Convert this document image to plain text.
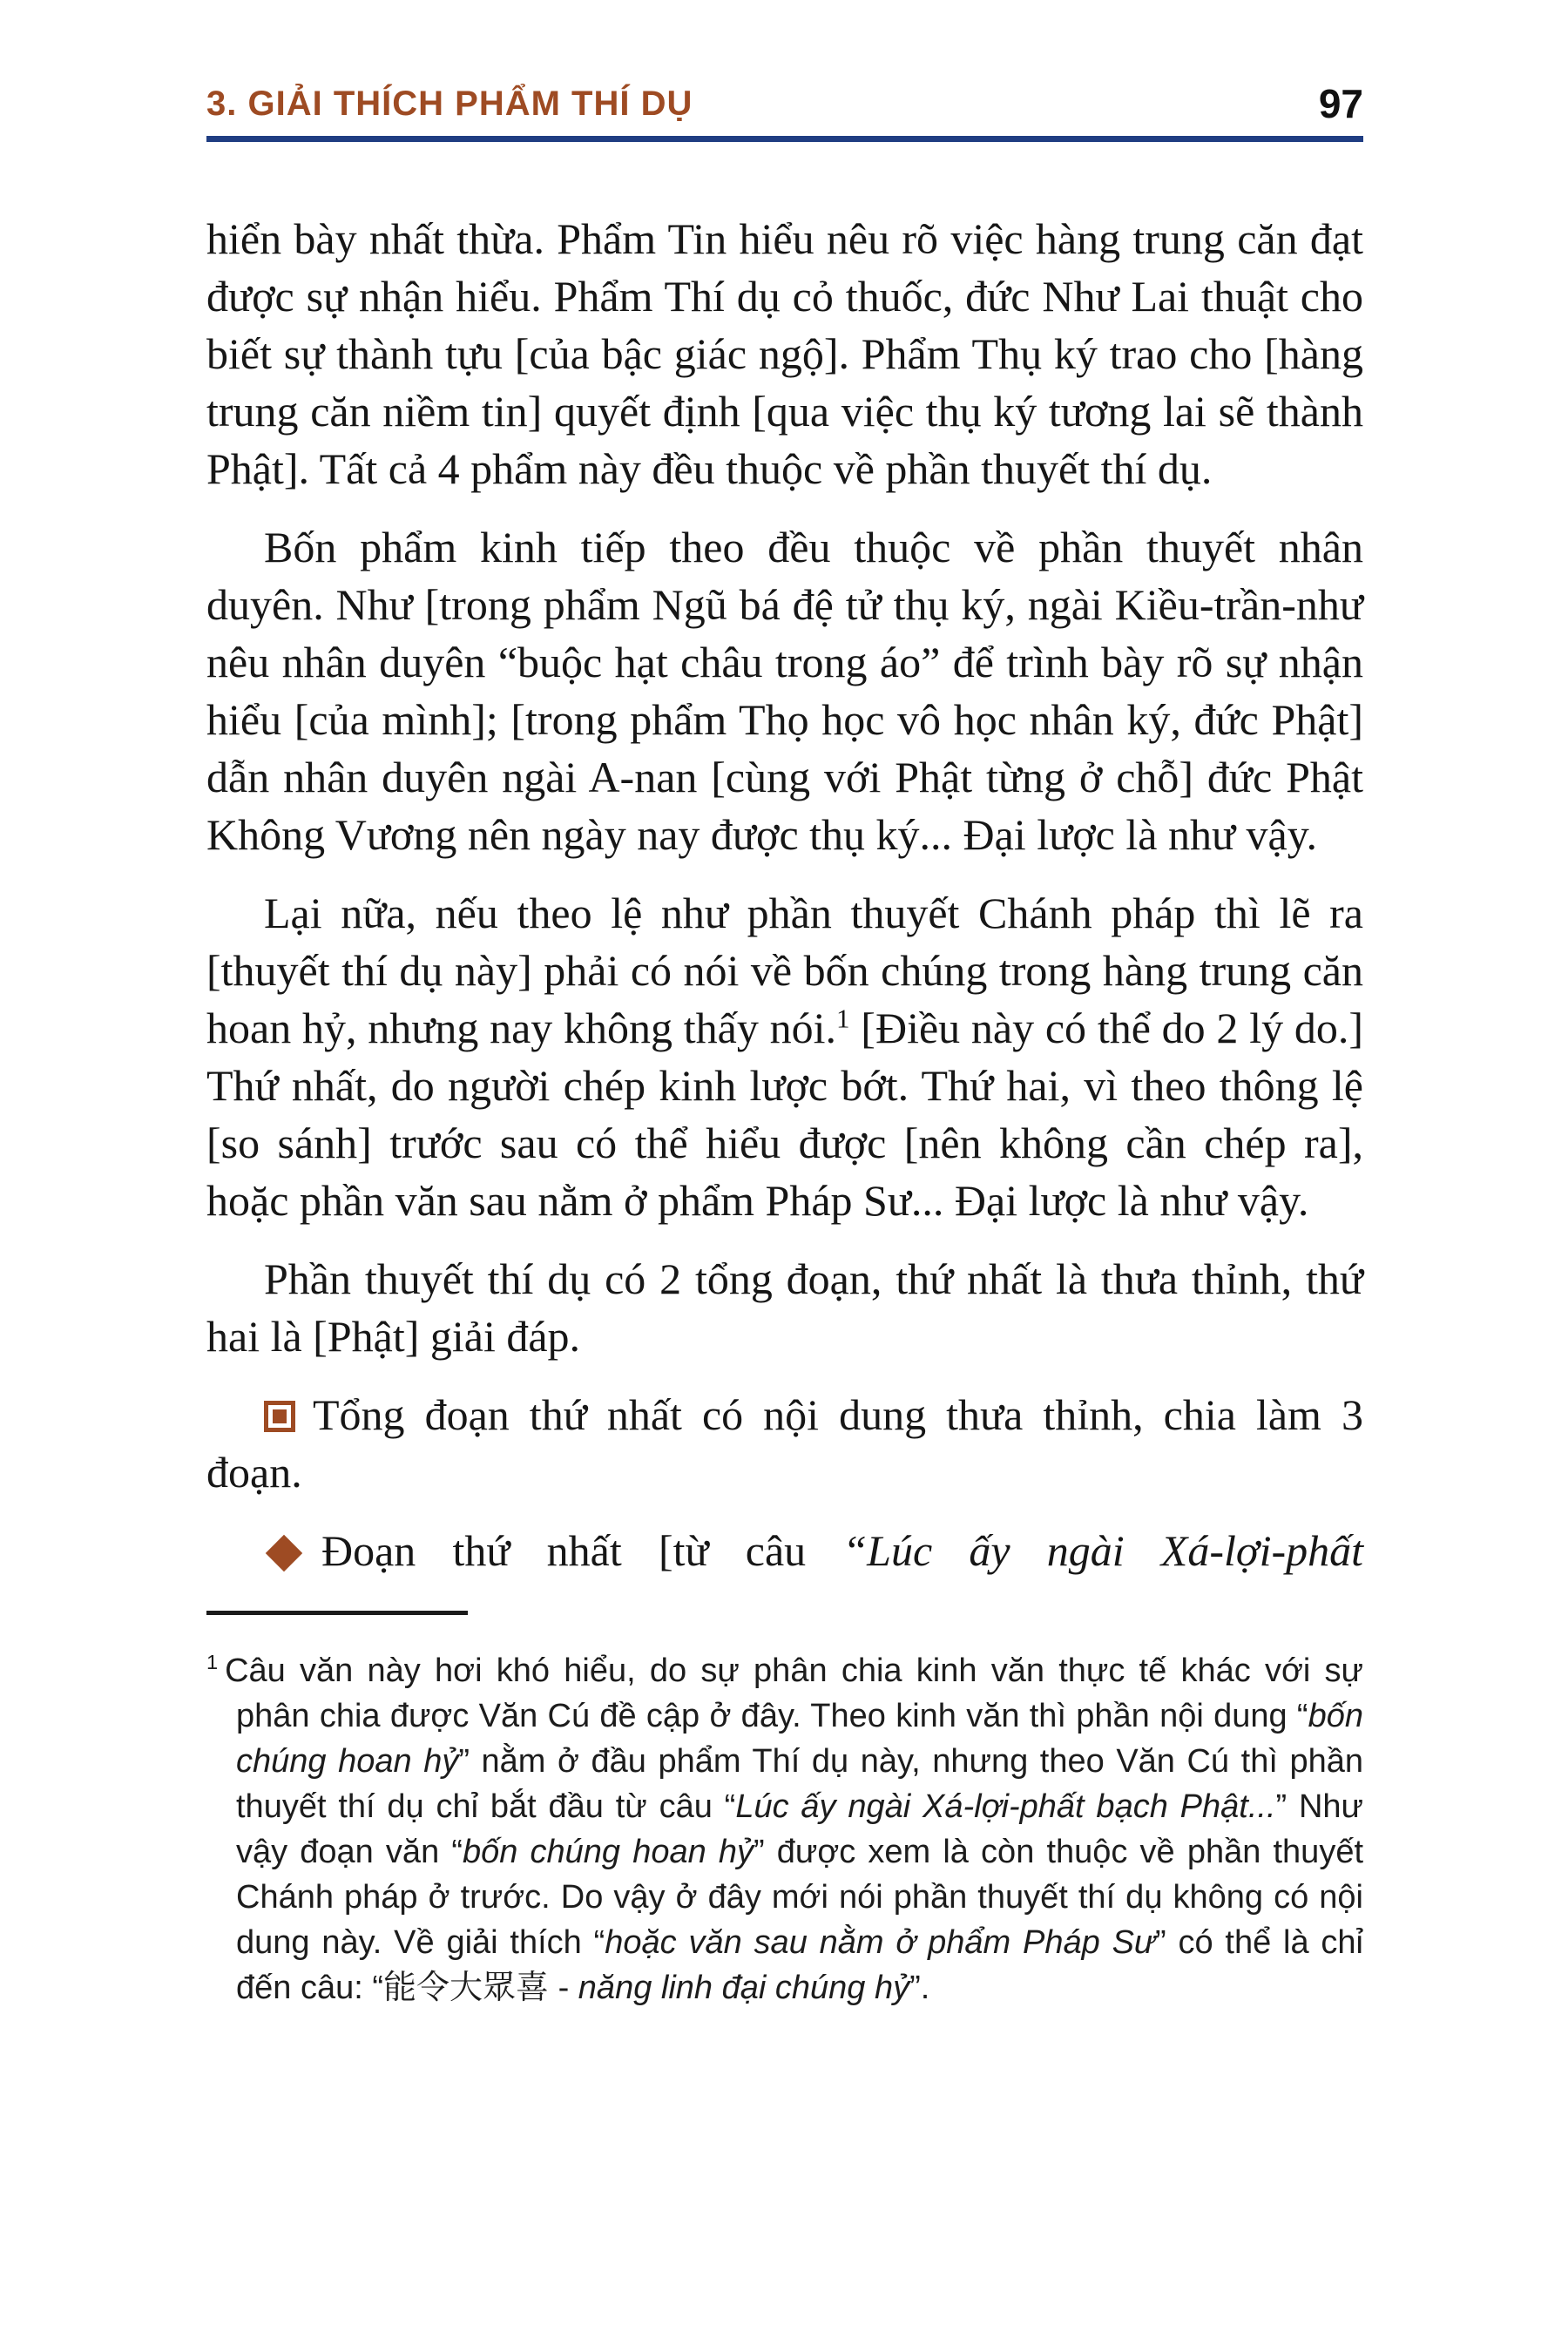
3. GIẢI THÍCH PHẨM THÍ DỤ	97

hiển bày nhất thừa. Phẩm Tin hiểu nêu rõ việc hàng trung căn đạt được sự nhận hiểu. Phẩm Thí dụ cỏ thuốc, đức Như Lai thuật cho biết sự thành tựu [của bậc giác ngộ]. Phẩm Thụ ký trao cho [hàng trung căn niềm tin] quyết định [qua việc thụ ký tương lai sẽ thành Phật]. Tất cả 4 phẩm này đều thuộc về phần thuyết thí dụ.

Bốn phẩm kinh tiếp theo đều thuộc về phần thuyết nhân duyên. Như [trong phẩm Ngũ bá đệ tử thụ ký, ngài Kiều-trần-như nêu nhân duyên “buộc hạt châu trong áo” để trình bày rõ sự nhận hiểu [của mình]; [trong phẩm Thọ học vô học nhân ký, đức Phật] dẫn nhân duyên ngài A-nan [cùng với Phật từng ở chỗ] đức Phật Không Vương nên ngày nay được thụ ký... Đại lược là như vậy.

Lại nữa, nếu theo lệ như phần thuyết Chánh pháp thì lẽ ra [thuyết thí dụ này] phải có nói về bốn chúng trong hàng trung căn hoan hỷ, nhưng nay không thấy nói.$^1$ [Điều này có thể do 2 lý do.] Thứ nhất, do người chép kinh lược bớt. Thứ hai, vì theo thông lệ [so sánh] trước sau có thể hiểu được [nên không cần chép ra], hoặc phần văn sau nằm ở phẩm Pháp Sư... Đại lược là như vậy.

Phần thuyết thí dụ có 2 tổng đoạn, thứ nhất là thưa thỉnh, thứ hai là [Phật] giải đáp.

Tổng đoạn thứ nhất có nội dung thưa thỉnh, chia làm 3 đoạn.

Đoạn thứ nhất [từ câu “Lúc ấy ngài Xá-lợi-phất

$^1$ Câu văn này hơi khó hiểu, do sự phân chia kinh văn thực tế khác với sự phân chia được Văn Cú đề cập ở đây. Theo kinh văn thì phần nội dung “bốn chúng hoan hỷ” nằm ở đầu phẩm Thí dụ này, nhưng theo Văn Cú thì phần thuyết thí dụ chỉ bắt đầu từ câu “Lúc ấy ngài Xá-lợi-phất bạch Phật...” Như vậy đoạn văn “bốn chúng hoan hỷ” được xem là còn thuộc về phần thuyết Chánh pháp ở trước. Do vậy ở đây mới nói phần thuyết thí dụ không có nội dung này. Về giải thích “hoặc văn sau nằm ở phẩm Pháp Sư” có thể là chỉ đến câu: “能令大眾喜 - năng linh đại chúng hỷ”.
